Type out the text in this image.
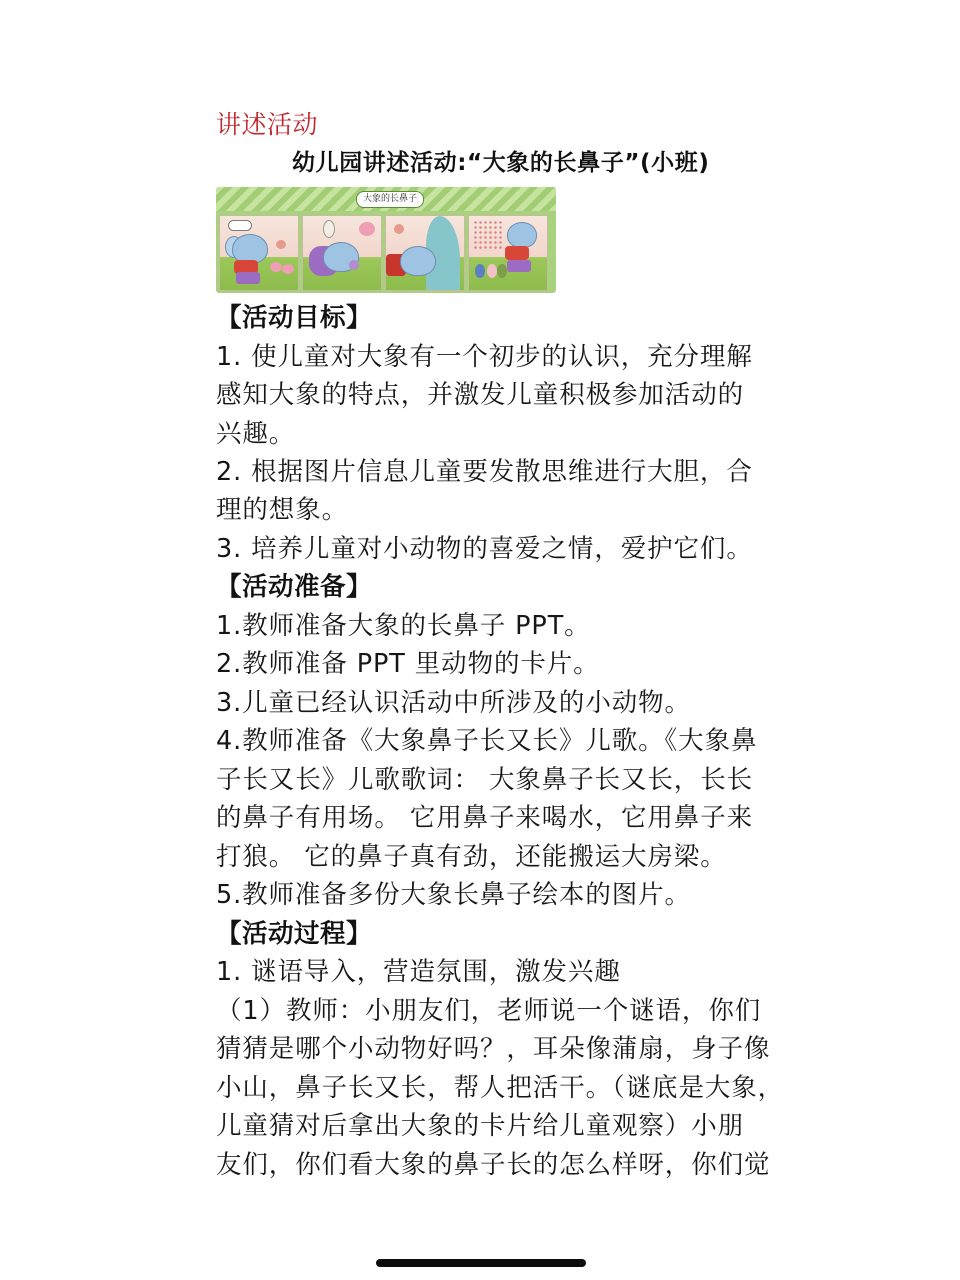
讲述活动
幼儿园讲述活动:“大象的长鼻子”(小班)
大象的长鼻子
【活动目标】
1. 使儿童对大象有一个初步的认识，充分理解
感知大象的特点，并激发儿童积极参加活动的
兴趣。
2. 根据图片信息儿童要发散思维进行大胆，合
理的想象。
3. 培养儿童对小动物的喜爱之情，爱护它们。
【活动准备】
1.教师准备大象的长鼻子 PPT。
2.教师准备 PPT 里动物的卡片。
3.儿童已经认识活动中所涉及的小动物。
4.教师准备《大象鼻子长又长》儿歌。《大象鼻
子长又长》儿歌歌词： 大象鼻子长又长，长长
的鼻子有用场。 它用鼻子来喝水，它用鼻子来
打狼。 它的鼻子真有劲，还能搬运大房梁。
5.教师准备多份大象长鼻子绘本的图片。
【活动过程】
1. 谜语导入，营造氛围，激发兴趣
（1）教师：小朋友们，老师说一个谜语，你们
猜猜是哪个小动物好吗？，耳朵像蒲扇，身子像
小山，鼻子长又长，帮人把活干。（谜底是大象，
儿童猜对后拿出大象的卡片给儿童观察）小朋
友们，你们看大象的鼻子长的怎么样呀，你们觉
